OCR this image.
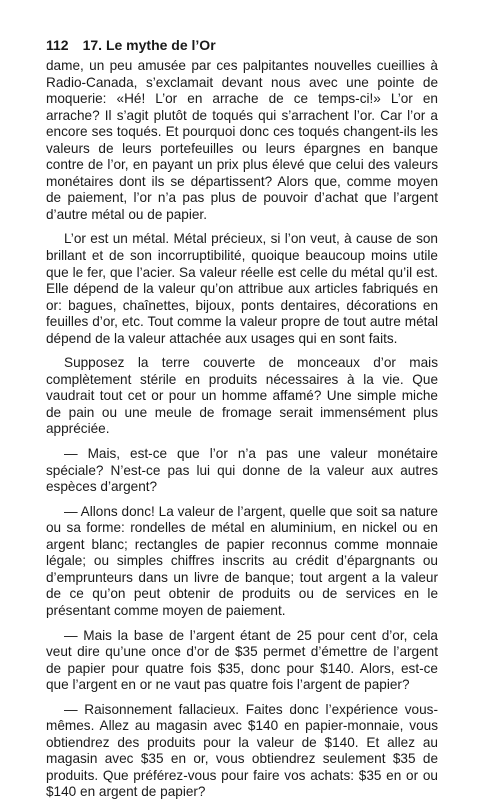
112 17. Le mythe de l’Or

dame, un peu amusée par ces palpitantes nouvelles cueillies à Radio-Canada, s’exclamait devant nous avec une pointe de moquerie: «Hé! L’or en arrache de ce temps-ci!» L’or en arrache? Il s’agit plutôt de toqués qui s’arrachent l’or. Car l’or a encore ses toqués. Et pourquoi donc ces toqués changent-ils les valeurs de leurs portefeuilles ou leurs épargnes en banque contre de l’or, en payant un prix plus élevé que celui des valeurs monétaires dont ils se départissent? Alors que, comme moyen de paiement, l’or n’a pas plus de pouvoir d’achat que l’argent d’autre métal ou de papier.

L’or est un métal. Métal précieux, si l’on veut, à cause de son brillant et de son incorruptibilité, quoique beaucoup moins utile que le fer, que l’acier. Sa valeur réelle est celle du métal qu’il est. Elle dépend de la valeur qu’on attribue aux articles fabriqués en or: bagues, chaînettes, bijoux, ponts dentaires, décorations en feuilles d’or, etc. Tout comme la valeur propre de tout autre métal dépend de la valeur attachée aux usages qui en sont faits.

Supposez la terre couverte de monceaux d’or mais complètement stérile en produits nécessaires à la vie. Que vaudrait tout cet or pour un homme affamé? Une simple miche de pain ou une meule de fromage serait immensément plus appréciée.

— Mais, est-ce que l’or n’a pas une valeur monétaire spéciale? N’est-ce pas lui qui donne de la valeur aux autres espèces d’argent?

— Allons donc! La valeur de l’argent, quelle que soit sa nature ou sa forme: rondelles de métal en aluminium, en nickel ou en argent blanc; rectangles de papier reconnus comme monnaie légale; ou simples chiffres inscrits au crédit d’épargnants ou d’emprunteurs dans un livre de banque; tout argent a la valeur de ce qu’on peut obtenir de produits ou de services en le présentant comme moyen de paiement.

— Mais la base de l’argent étant de 25 pour cent d’or, cela veut dire qu’une once d’or de $35 permet d’émettre de l’argent de papier pour quatre fois $35, donc pour $140. Alors, est-ce que l’argent en or ne vaut pas quatre fois l’argent de papier?

— Raisonnement fallacieux. Faites donc l’expérience vous-mêmes. Allez au magasin avec $140 en papier-monnaie, vous obtiendrez des produits pour la valeur de $140. Et allez au magasin avec $35 en or, vous obtiendrez seulement $35 de produits. Que préférez-vous pour faire vos achats: $35 en or ou $140 en argent de papier?
